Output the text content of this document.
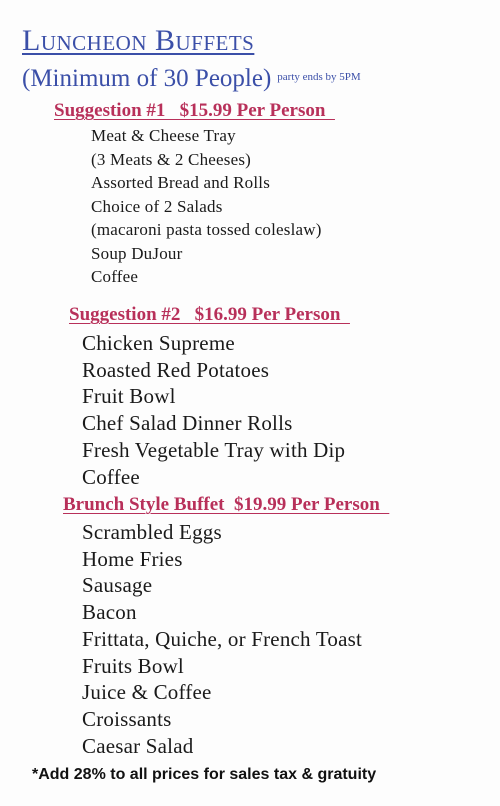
Luncheon Buffets
(Minimum of 30 People) $^{party ends by 5PM}$
Suggestion #1   $15.99 Per Person
Meat & Cheese Tray
(3 Meats & 2 Cheeses)
Assorted Bread and Rolls
Choice of 2 Salads
(macaroni pasta tossed coleslaw)
Soup DuJour
Coffee
Suggestion #2   $16.99 Per Person
Chicken Supreme
Roasted Red Potatoes
Fruit Bowl
Chef Salad Dinner Rolls
Fresh Vegetable Tray with Dip
Coffee
Brunch Style Buffet  $19.99 Per Person
Scrambled Eggs
Home Fries
Sausage
Bacon
Frittata, Quiche, or French Toast
Fruits Bowl
Juice & Coffee
Croissants
Caesar Salad
*Add 28% to all prices for sales tax & gratuity
